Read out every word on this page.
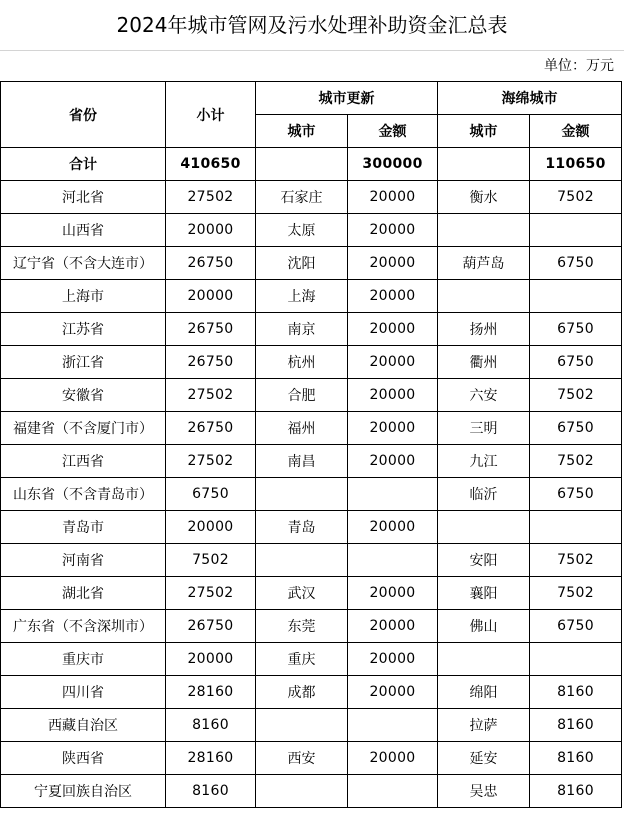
2024年城市管网及污水处理补助资金汇总表
单位：万元
省份	小计	城市更新		海绵城市	
		城市	金额	城市	金额
合计	410650		300000		110650
河北省	27502	石家庄	20000	衡水	7502
山西省	20000	太原	20000		
辽宁省（不含大连市）	26750	沈阳	20000	葫芦岛	6750
上海市	20000	上海	20000		
江苏省	26750	南京	20000	扬州	6750
浙江省	26750	杭州	20000	衢州	6750
安徽省	27502	合肥	20000	六安	7502
福建省（不含厦门市）	26750	福州	20000	三明	6750
江西省	27502	南昌	20000	九江	7502
山东省（不含青岛市）	6750			临沂	6750
青岛市	20000	青岛	20000		
河南省	7502			安阳	7502
湖北省	27502	武汉	20000	襄阳	7502
广东省（不含深圳市）	26750	东莞	20000	佛山	6750
重庆市	20000	重庆	20000		
四川省	28160	成都	20000	绵阳	8160
西藏自治区	8160			拉萨	8160
陕西省	28160	西安	20000	延安	8160
宁夏回族自治区	8160			吴忠	8160
